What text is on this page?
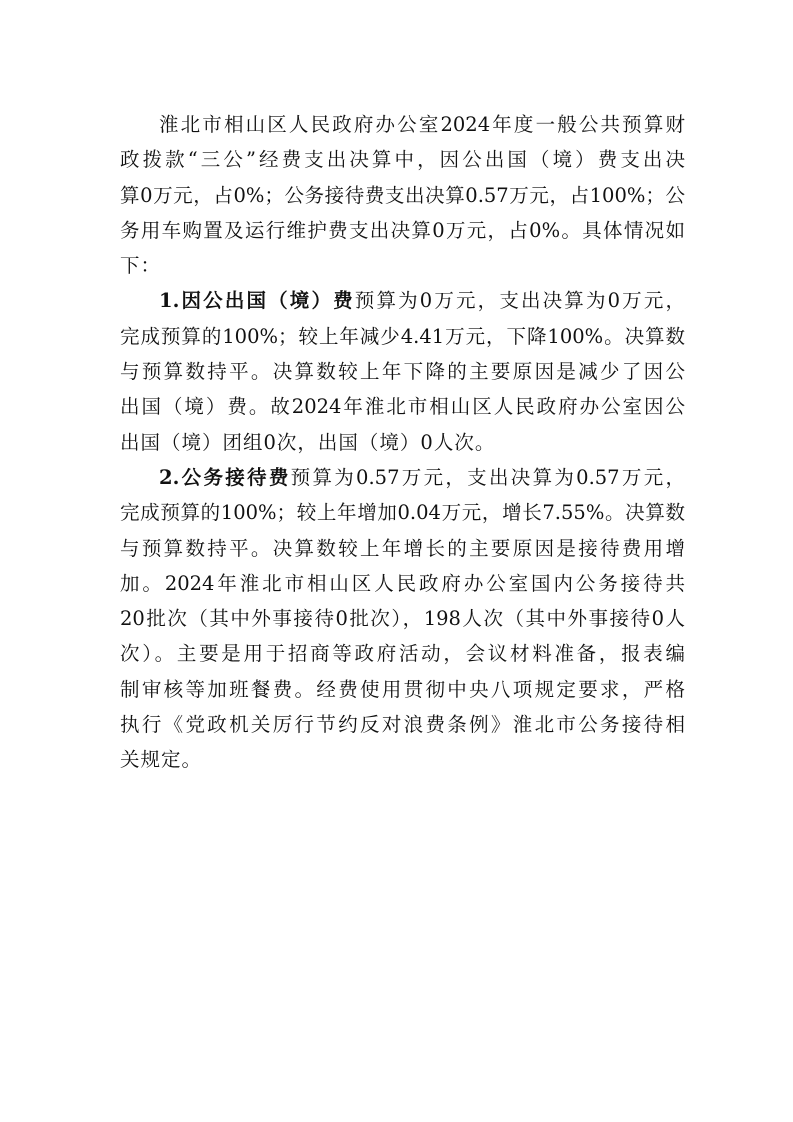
淮北市相山区人民政府办公室2024年度一般公共预算财
政拨款“三公”经费支出决算中，因公出国（境）费支出决
算0万元，占0%；公务接待费支出决算0.57万元，占100%；公
务用车购置及运行维护费支出决算0万元，占0%。具体情况如
下：
1.因公出国（境）费预算为0万元，支出决算为0万元，
完成预算的100%；较上年减少4.41万元，下降100%。决算数
与预算数持平。决算数较上年下降的主要原因是减少了因公
出国（境）费。故2024年淮北市相山区人民政府办公室因公
出国（境）团组0次，出国（境）0人次。
2.公务接待费预算为0.57万元，支出决算为0.57万元，
完成预算的100%；较上年增加0.04万元，增长7.55%。决算数
与预算数持平。决算数较上年增长的主要原因是接待费用增
加。2024年淮北市相山区人民政府办公室国内公务接待共
20批次（其中外事接待0批次），198人次（其中外事接待0人
次）。主要是用于招商等政府活动，会议材料准备，报表编
制审核等加班餐费。经费使用贯彻中央八项规定要求，严格
执行《党政机关厉行节约反对浪费条例》淮北市公务接待相
关规定。
